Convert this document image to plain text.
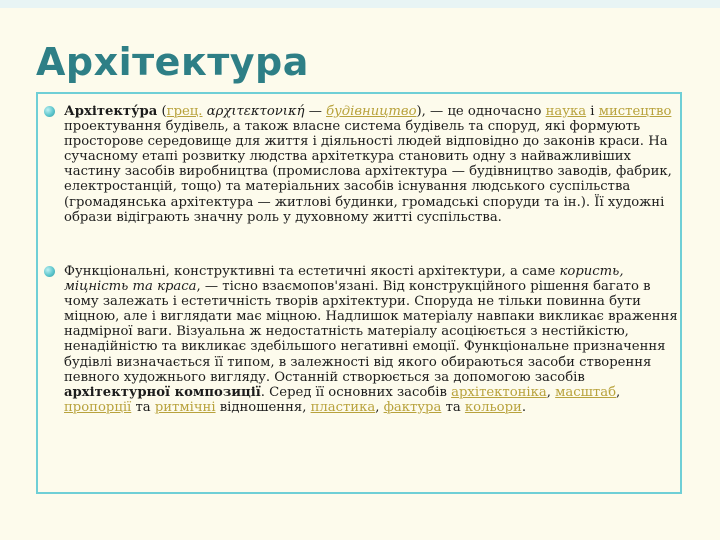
Архітектура
Архітекту́ра (грец. αρχιτεκτονική — будівництво), — це одночасно наука і мистецтво проектування будівель, а також власне система будівель та споруд, які формують просторове середовище для життя і діяльності людей відповідно до законів краси. На сучасному етапі розвитку людства архітеткура становить одну з найважливіших частину засобів виробництва (промислова архітектура — будівництво заводів, фабрик, електростанцій, тощо) та матеріальних засобів існування людського суспільства (громадянська архітектура — житлові будинки, громадські споруди та ін.). Її художні образи відіграють значну роль у духовному житті суспільства.
Функціональні, конструктивні та естетичні якості архітектури, а саме користь, міцність та краса, — тісно взаємопов'язані. Від конструкційного рішення багато в чому залежать і естетичність творів архітектури. Споруда не тільки повинна бути міцною, але і виглядати має міцною. Надлишок матеріалу навпаки викликає враження надмірної ваги. Візуальна ж недостатність матеріалу асоціюється з нестійкістю, ненадійністю та викликає здебільшого негативні емоції. Функціональне призначення будівлі визначається її типом, в залежності від якого обираються засоби створення певного художнього вигляду. Останній створюється за допомогою засобів архітектурної композиції. Серед її основних засобів архітектоніка, масштаб, пропорції та ритмічні відношення, пластика, фактура та кольори.
